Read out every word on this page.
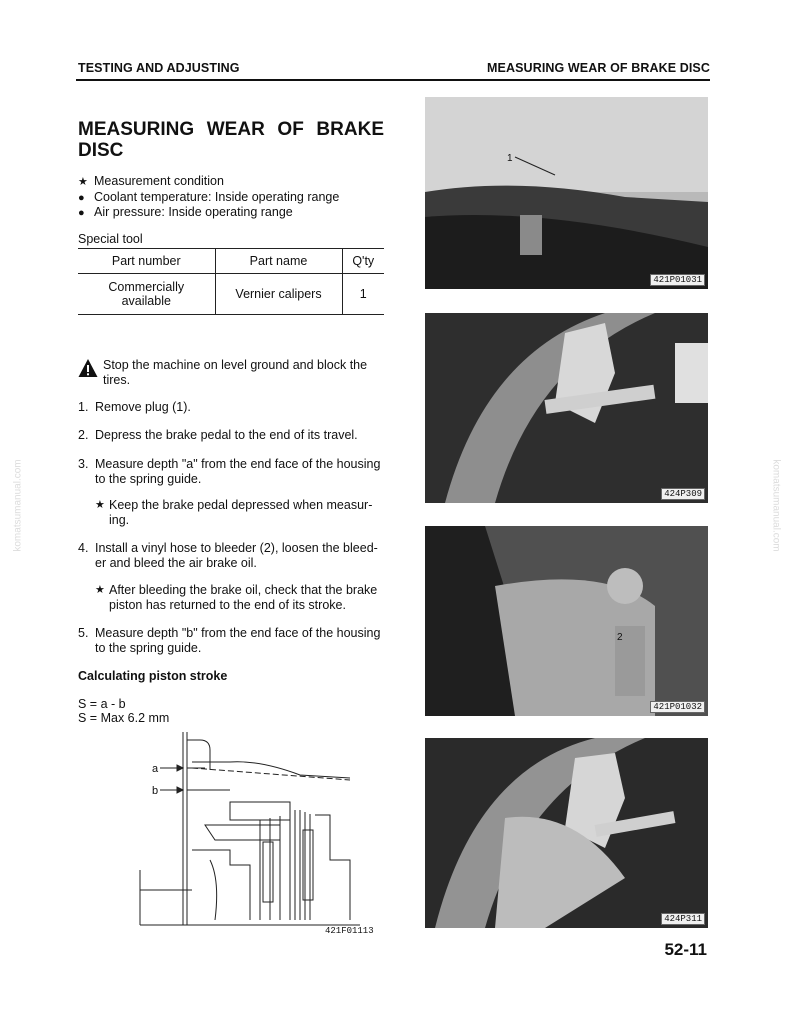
TESTING AND ADJUSTING	MEASURING WEAR OF BRAKE DISC
MEASURING WEAR OF BRAKE DISC
★ Measurement condition
● Coolant temperature: Inside operating range
● Air pressure: Inside operating range
Special tool
Part number	Part name	Q'ty
Commercially
available	Vernier calipers	1
Stop the machine on level ground and block the
tires.
1. Remove plug (1).
2. Depress the brake pedal to the end of its travel.
3. Measure depth "a" from the end face of the housing
to the spring guide.
★ Keep the brake pedal depressed when measur-
ing.
4. Install a vinyl hose to bleeder (2), loosen the bleed-
er and bleed the air brake oil.
★ After bleeding the brake oil, check that the brake
piston has returned to the end of its stroke.
5. Measure depth "b" from the end face of the housing
to the spring guide.
Calculating piston stroke
S = a - b
S = Max 6.2 mm
a
b
421F01113
1
421P01031
424P309
2
421P01032
424P311
52-11
komatsumanual.com	komatsumanual.com
